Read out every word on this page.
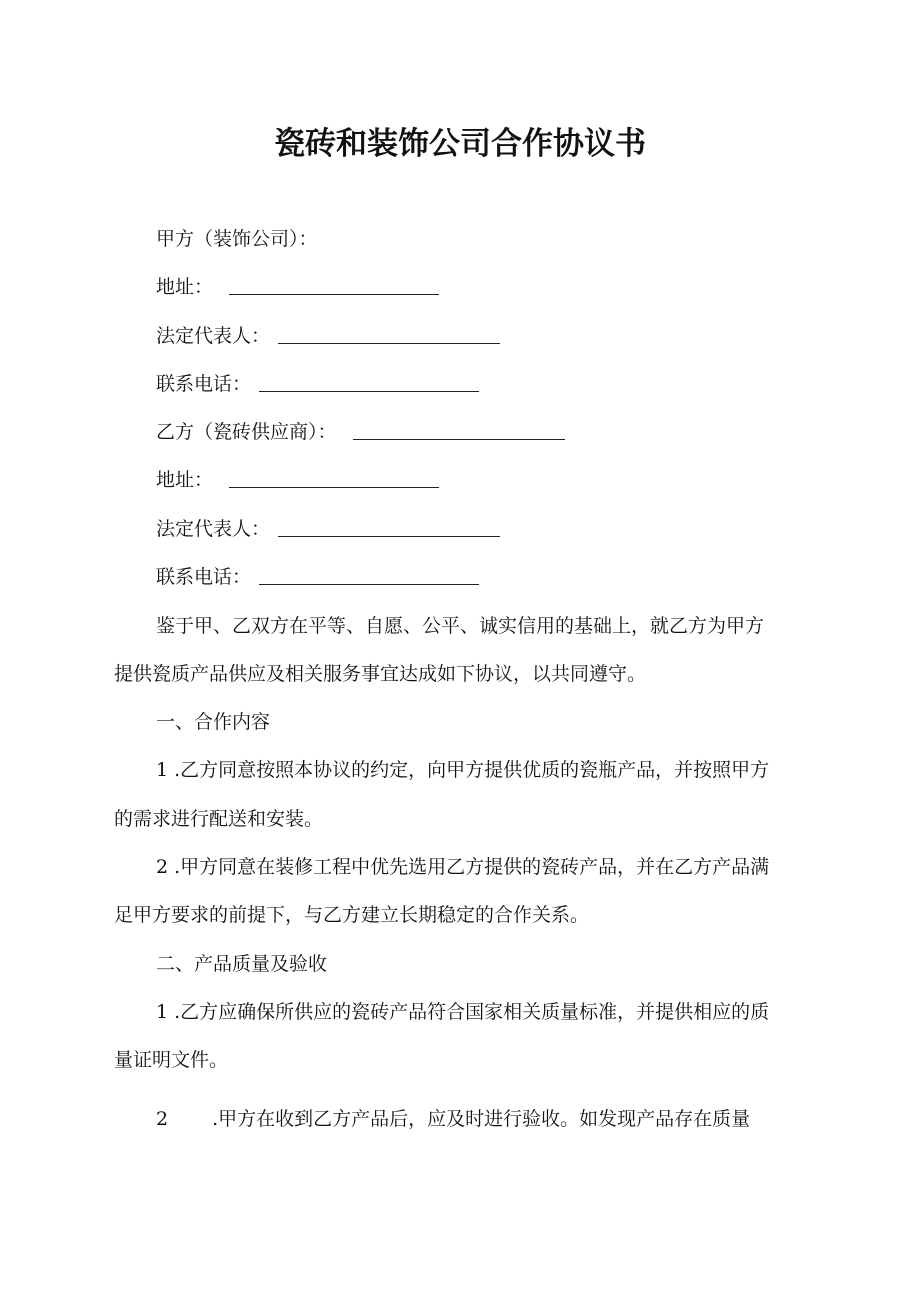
瓷砖和装饰公司合作协议书
甲方（装饰公司）：
地址：
法定代表人：
联系电话：
乙方（瓷砖供应商）：
地址：
法定代表人：
联系电话：
鉴于甲、乙双方在平等、自愿、公平、诚实信用的基础上，就乙方为甲方
提供瓷质产品供应及相关服务事宜达成如下协议，以共同遵守。
一、合作内容
1 .乙方同意按照本协议的约定，向甲方提供优质的瓷瓶产品，并按照甲方
的需求进行配送和安装。
2 .甲方同意在装修工程中优先选用乙方提供的瓷砖产品，并在乙方产品满
足甲方要求的前提下，与乙方建立长期稳定的合作关系。
二、产品质量及验收
1 .乙方应确保所供应的瓷砖产品符合国家相关质量标准，并提供相应的质
量证明文件。
2 .甲方在收到乙方产品后，应及时进行验收。如发现产品存在质量
